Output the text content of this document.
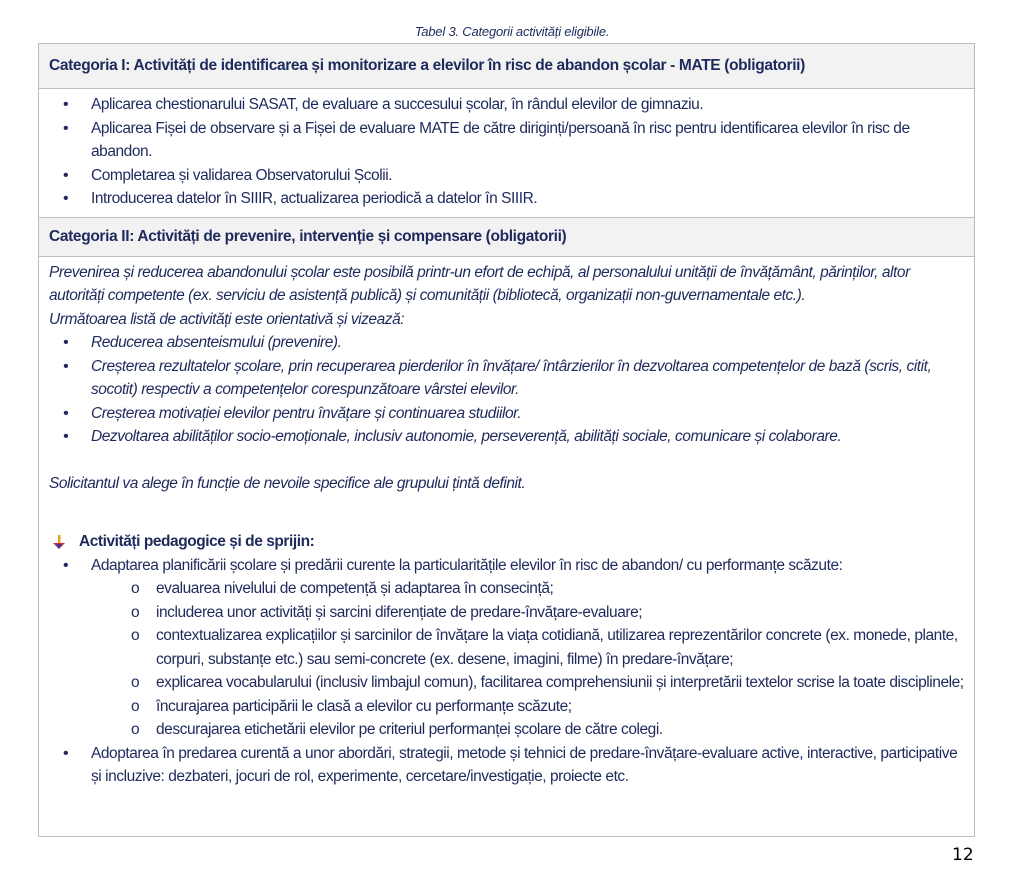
Tabel 3. Categorii activități eligibile.
Categoria I: Activități de identificarea și monitorizare a elevilor în risc de abandon școlar - MATE (obligatorii)
• Aplicarea chestionarului SASAT, de evaluare a succesului școlar, în rândul elevilor de gimnaziu.
• Aplicarea Fișei de observare și a Fișei de evaluare MATE de către diriginți/persoană în risc pentru identificarea elevilor în risc de abandon.
• Completarea și validarea Observatorului Școlii.
• Introducerea datelor în SIIIR, actualizarea periodică a datelor în SIIIR.
Categoria II: Activități de prevenire, intervenție și compensare (obligatorii)
Prevenirea și reducerea abandonului școlar este posibilă printr-un efort de echipă, al personalului unității de învățământ, părinților, altor autorități competente (ex. serviciu de asistență publică) și comunității (bibliotecă, organizații non-guvernamentale etc.).
Următoarea listă de activități este orientativă și vizează:
• Reducerea absenteismului (prevenire).
• Creșterea rezultatelor școlare, prin recuperarea pierderilor în învățare/ întârzierilor în dezvoltarea competențelor de bază (scris, citit, socotit) respectiv a competențelor corespunzătoare vârstei elevilor.
• Creșterea motivației elevilor pentru învățare și continuarea studiilor.
• Dezvoltarea abilităților socio-emoționale, inclusiv autonomie, perseverență, abilități sociale, comunicare și colaborare.
Solicitantul va alege în funcție de nevoile specifice ale grupului țintă definit.
Activități pedagogice și de sprijin:
• Adaptarea planificării școlare și predării curente la particularitățile elevilor în risc de abandon/ cu performanțe scăzute:
o evaluarea nivelului de competență și adaptarea în consecință;
o includerea unor activități și sarcini diferențiate de predare-învățare-evaluare;
o contextualizarea explicațiilor și sarcinilor de învățare la viața cotidiană, utilizarea reprezentărilor concrete (ex. monede, plante, corpuri, substanțe etc.) sau semi-concrete (ex. desene, imagini, filme) în predare-învățare;
o explicarea vocabularului (inclusiv limbajul comun), facilitarea comprehensiunii și interpretării textelor scrise la toate disciplinele;
o încurajarea participării le clasă a elevilor cu performanțe scăzute;
o descurajarea etichetării elevilor pe criteriul performanței școlare de către colegi.
• Adoptarea în predarea curentă a unor abordări, strategii, metode și tehnici de predare-învățare-evaluare active, interactive, participative și incluzive: dezbateri, jocuri de rol, experimente, cercetare/investigație, proiecte etc.
12
